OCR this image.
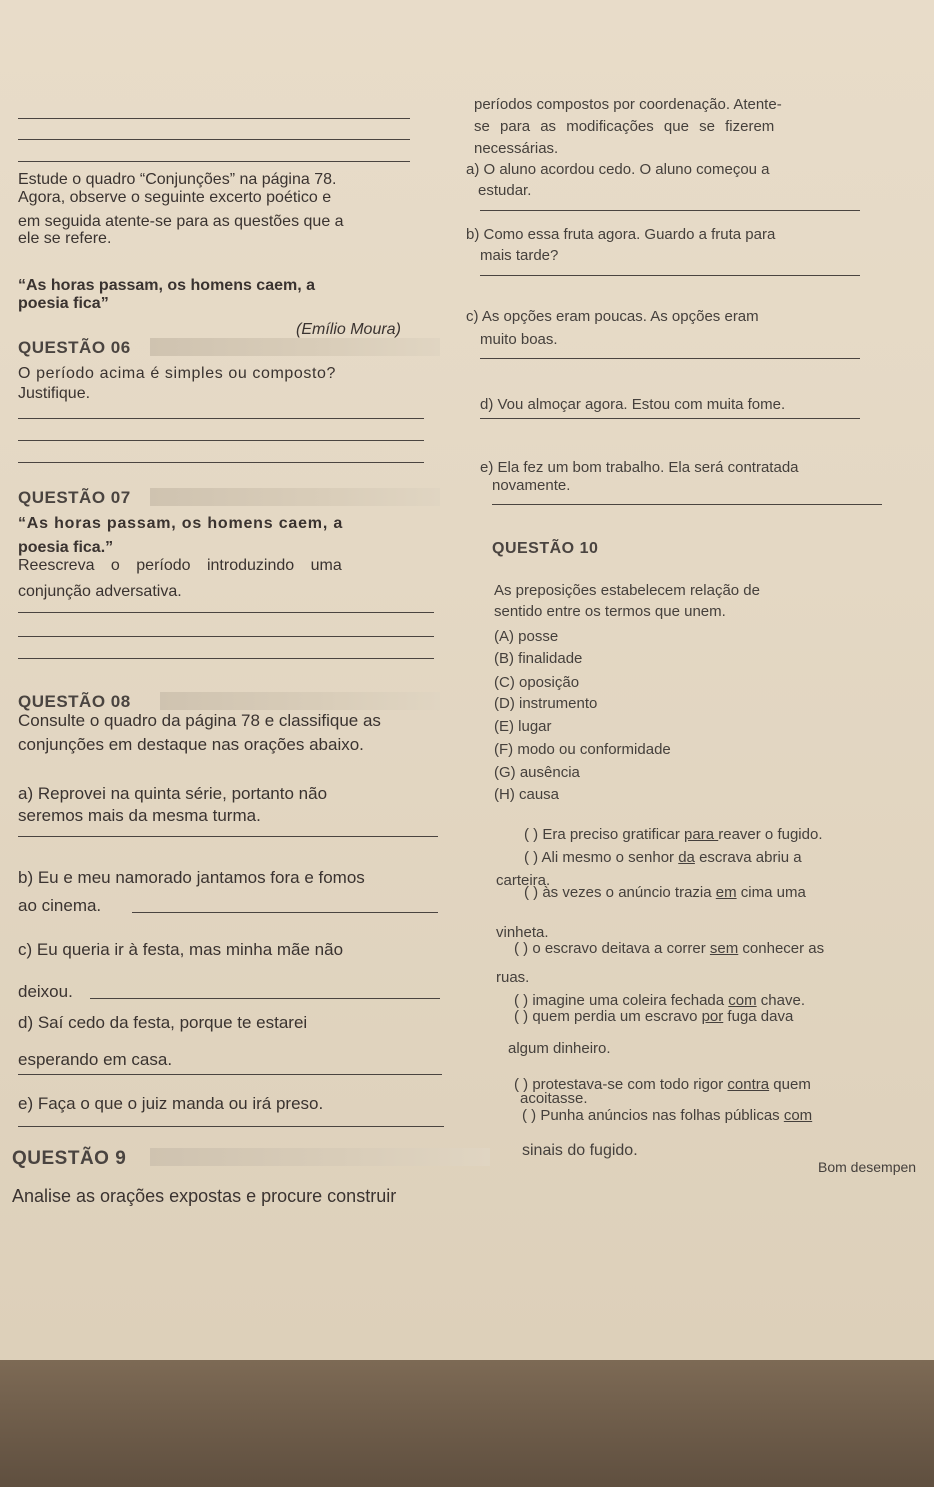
Estude o quadro “Conjunções” na página 78.
Agora, observe o seguinte excerto poético e
em seguida atente-se para as questões que a
ele se refere.
“As horas passam, os homens caem, a
poesia fica”
(Emílio Moura)
QUESTÃO 06
O período acima é simples ou composto?
Justifique.
QUESTÃO 07
“As horas passam, os homens caem, a
poesia fica.”
Reescreva o período introduzindo uma
conjunção adversativa.
QUESTÃO 08
Consulte o quadro da página 78 e classifique as
conjunções em destaque nas orações abaixo.
a) Reprovei na quinta série, portanto não
seremos mais da mesma turma.
b) Eu e meu namorado jantamos fora e fomos
ao cinema.
c) Eu queria ir à festa, mas minha mãe não
deixou.
d) Saí cedo da festa, porque te estarei
esperando em casa.
e) Faça o que o juiz manda ou irá preso.
QUESTÃO 9
Analise as orações expostas e procure construir
períodos compostos por coordenação. Atente-
se para as modificações que se fizerem
necessárias.
a) O aluno acordou cedo. O aluno começou a
estudar.
b) Como essa fruta agora. Guardo a fruta para
mais tarde?
c) As opções eram poucas. As opções eram
muito boas.
d) Vou almoçar agora. Estou com muita fome.
e) Ela fez um bom trabalho. Ela será contratada
novamente.
QUESTÃO 10
As preposições estabelecem relação de
sentido entre os termos que unem.
(A) posse
(B) finalidade
(C) oposição
(D) instrumento
(E) lugar
(F) modo ou conformidade
(G) ausência
(H) causa
( ) Era preciso gratificar para reaver o fugido.
( ) Ali mesmo o senhor da escrava abriu a
carteira.
( ) às vezes o anúncio trazia em cima uma
vinheta.
( ) o escravo deitava a correr sem conhecer as
ruas.
( ) imagine uma coleira fechada com chave.
( ) quem perdia um escravo por fuga dava
algum dinheiro.
( ) protestava-se com todo rigor contra quem
acoitasse.
( ) Punha anúncios nas folhas públicas com
sinais do fugido.
Bom desempen
